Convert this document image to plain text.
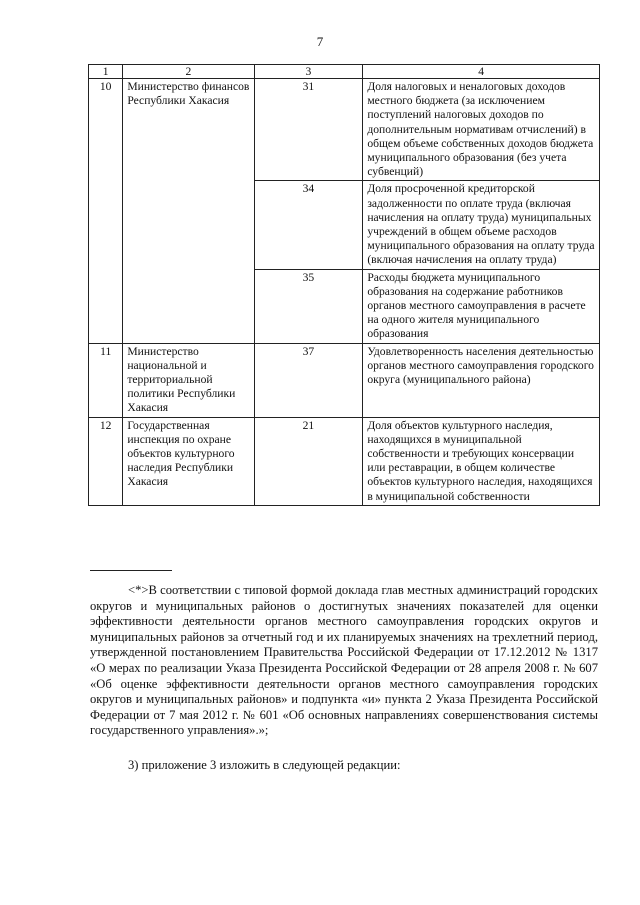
7
1	2	3	4
10	Министерство финансов Республики Хакасия	31	Доля налоговых и неналоговых доходов местного бюджета (за исключением поступлений налоговых доходов по дополнительным нормативам отчислений) в общем объеме собственных доходов бюджета муниципального образования (без учета субвенций)
		34	Доля просроченной кредиторской задолженности по оплате труда (включая начисления на оплату труда) муниципальных учреждений в общем объеме расходов муниципального образования на оплату труда (включая начисления на оплату труда)
		35	Расходы бюджета муниципального образования на содержание работников органов местного самоуправления в расчете на одного жителя муниципального образования
11	Министерство национальной и территориальной политики Республики Хакасия	37	Удовлетворенность населения деятельностью органов местного самоуправления городского округа (муниципального района)
12	Государственная инспекция по охране объектов культурного наследия Республики Хакасия	21	Доля объектов культурного наследия, находящихся в муниципальной собственности и требующих консервации или реставрации, в общем количестве объектов культурного наследия, находящихся в муниципальной собственности
<*>В соответствии с типовой формой доклада глав местных администраций городских округов и муниципальных районов о достигнутых значениях показателей для оценки эффективности деятельности органов местного самоуправления городских округов и муниципальных районов за отчетный год и их планируемых значениях на трехлетний период, утвержденной постановлением Правительства Российской Федерации от 17.12.2012 № 1317 «О мерах по реализации Указа Президента Российской Федерации от 28 апреля 2008 г. № 607 «Об оценке эффективности деятельности органов местного самоуправления городских округов и муниципальных районов» и подпункта «и» пункта 2 Указа Президента Российской Федерации от 7 мая 2012 г. № 601 «Об основных направлениях совершенствования системы государственного управления».»;
3) приложение 3 изложить в следующей редакции:
